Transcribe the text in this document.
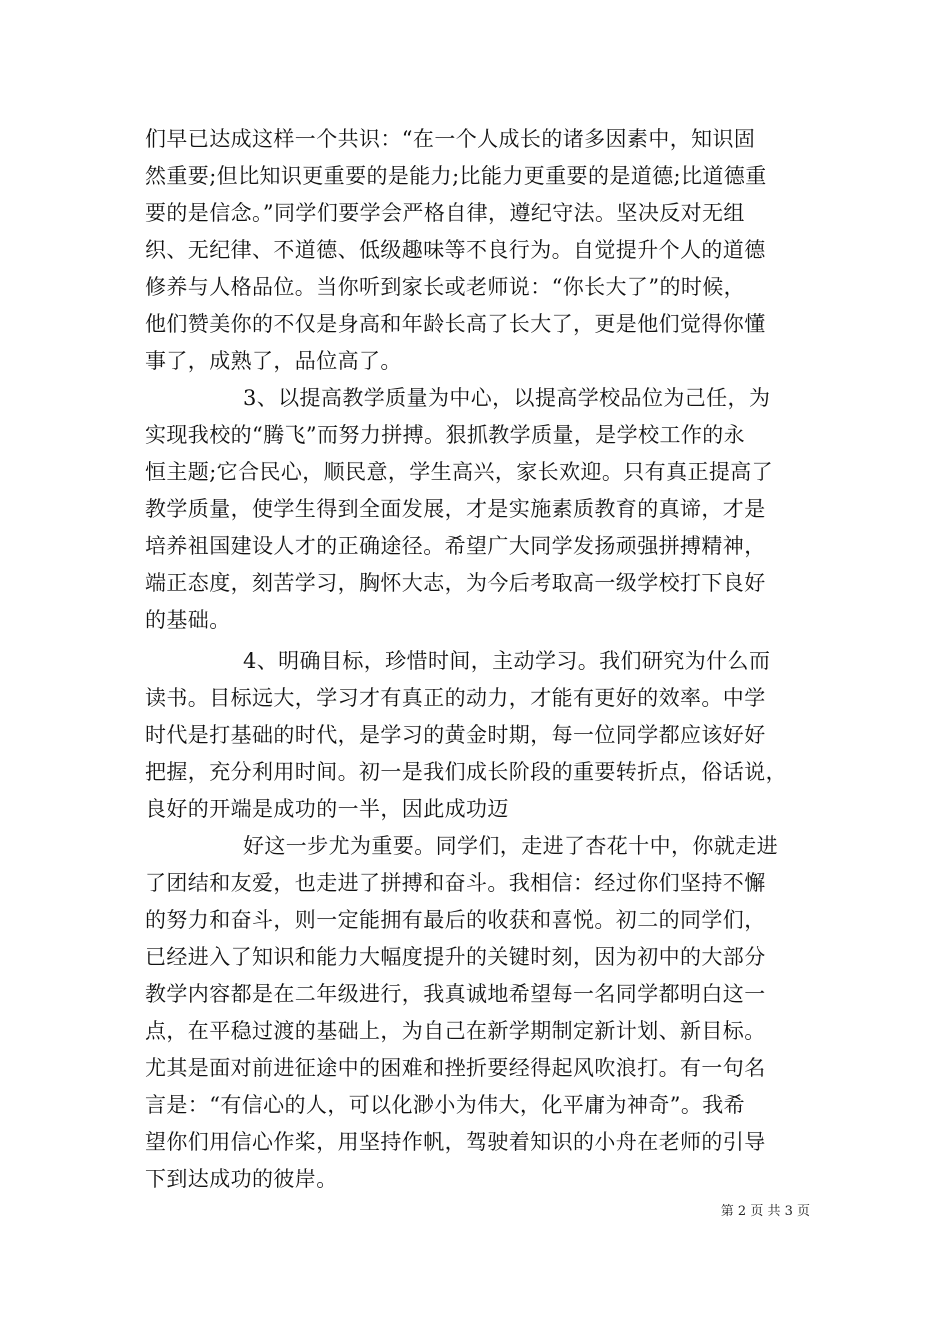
们早已达成这样一个共识：“在一个人成长的诸多因素中，知识固
然重要;但比知识更重要的是能力;比能力更重要的是道德;比道德重
要的是信念。”同学们要学会严格自律，遵纪守法。坚决反对无组
织、无纪律、不道德、低级趣味等不良行为。自觉提升个人的道德
修养与人格品位。当你听到家长或老师说：“你长大了”的时候，
他们赞美你的不仅是身高和年龄长高了长大了，更是他们觉得你懂
事了，成熟了，品位高了。
3、以提高教学质量为中心，以提高学校品位为己任，为
实现我校的“腾飞”而努力拼搏。狠抓教学质量，是学校工作的永
恒主题;它合民心，顺民意，学生高兴，家长欢迎。只有真正提高了
教学质量，使学生得到全面发展，才是实施素质教育的真谛，才是
培养祖国建设人才的正确途径。希望广大同学发扬顽强拼搏精神，
端正态度，刻苦学习，胸怀大志，为今后考取高一级学校打下良好
的基础。
4、明确目标，珍惜时间，主动学习。我们研究为什么而
读书。目标远大，学习才有真正的动力，才能有更好的效率。中学
时代是打基础的时代，是学习的黄金时期，每一位同学都应该好好
把握，充分利用时间。初一是我们成长阶段的重要转折点，俗话说，
良好的开端是成功的一半，因此成功迈
好这一步尤为重要。同学们，走进了杏花十中，你就走进
了团结和友爱，也走进了拼搏和奋斗。我相信：经过你们坚持不懈
的努力和奋斗，则一定能拥有最后的收获和喜悦。初二的同学们，
已经进入了知识和能力大幅度提升的关键时刻，因为初中的大部分
教学内容都是在二年级进行，我真诚地希望每一名同学都明白这一
点，在平稳过渡的基础上，为自己在新学期制定新计划、新目标。
尤其是面对前进征途中的困难和挫折要经得起风吹浪打。有一句名
言是：“有信心的人，可以化渺小为伟大，化平庸为神奇”。我希
望你们用信心作桨，用坚持作帆，驾驶着知识的小舟在老师的引导
下到达成功的彼岸。
第 2 页 共 3 页
